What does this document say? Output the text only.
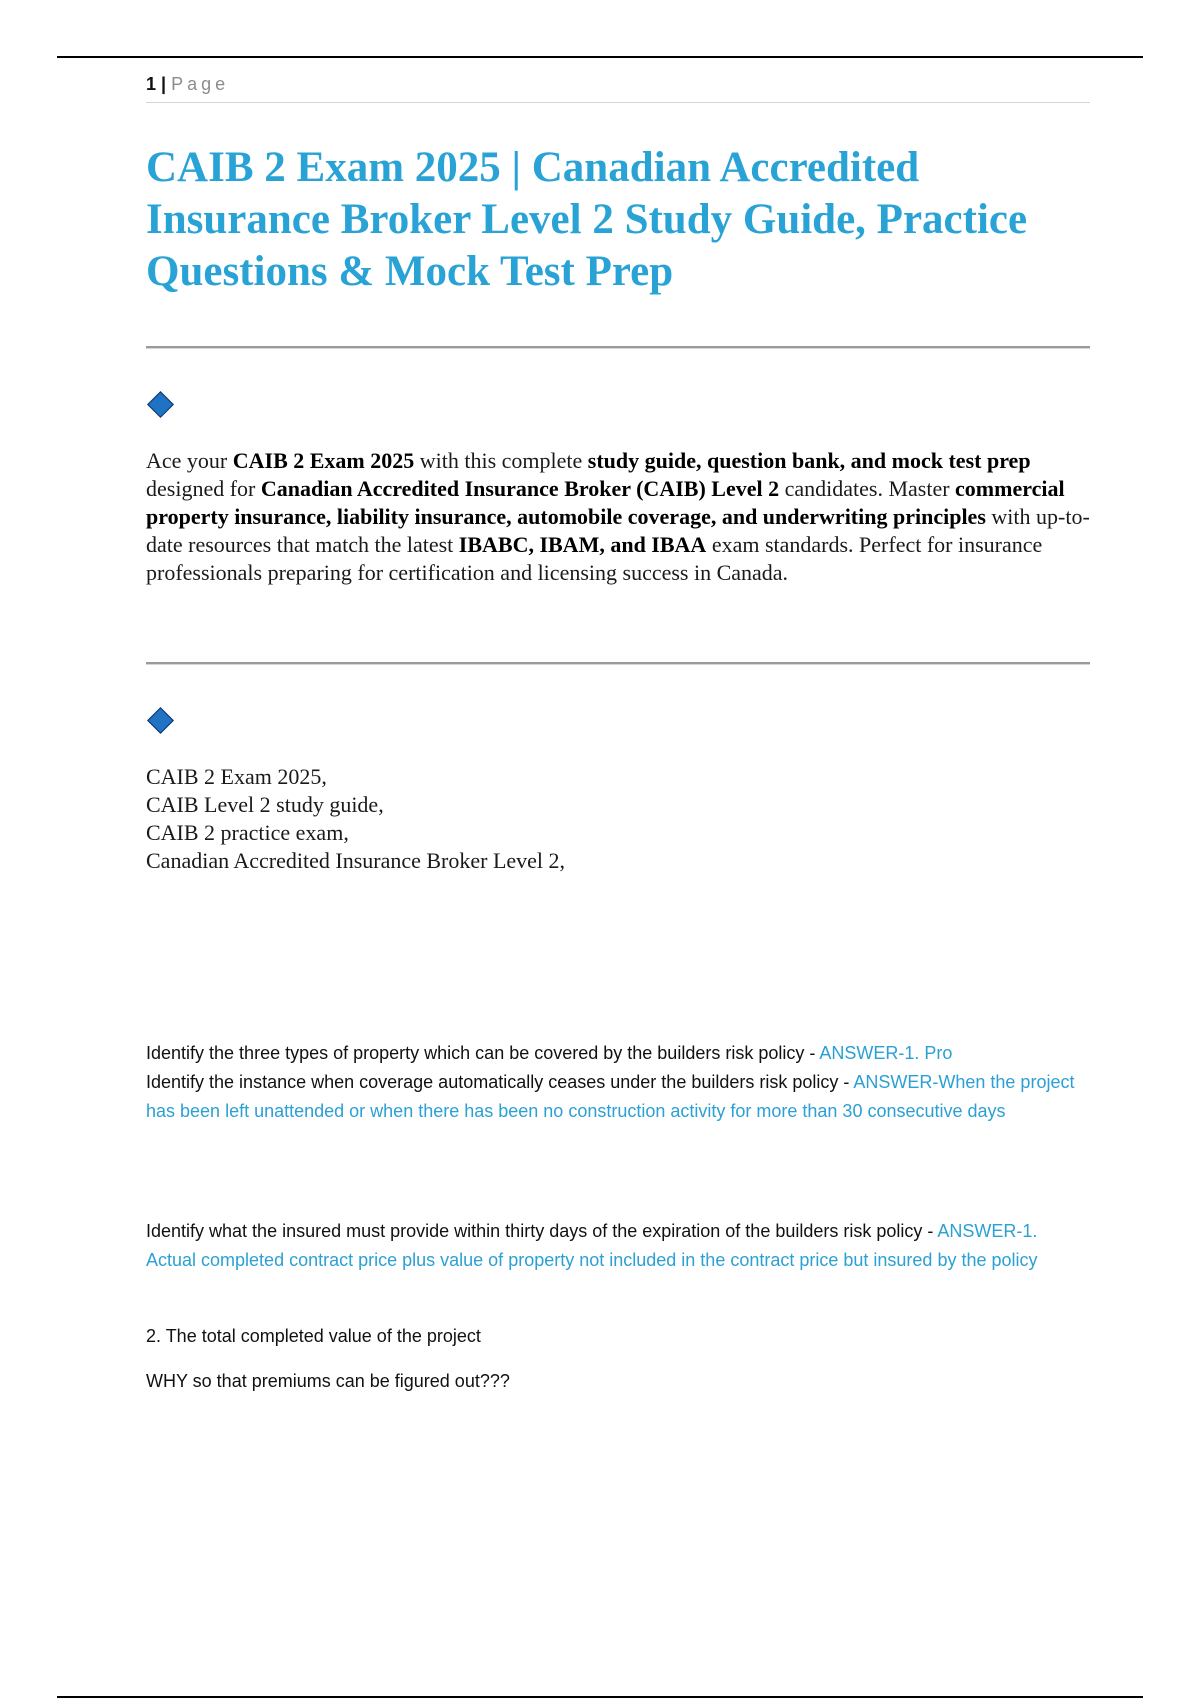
1 | Page
CAIB 2 Exam 2025 | Canadian Accredited Insurance Broker Level 2 Study Guide, Practice Questions & Mock Test Prep

Ace your CAIB 2 Exam 2025 with this complete study guide, question bank, and mock test prep designed for Canadian Accredited Insurance Broker (CAIB) Level 2 candidates. Master commercial property insurance, liability insurance, automobile coverage, and underwriting principles with up-to-date resources that match the latest IBABC, IBAM, and IBAA exam standards. Perfect for insurance professionals preparing for certification and licensing success in Canada.

CAIB 2 Exam 2025,
CAIB Level 2 study guide,
CAIB 2 practice exam,
Canadian Accredited Insurance Broker Level 2,

Identify the three types of property which can be covered by the builders risk policy - ANSWER-1. Pro

Identify the instance when coverage automatically ceases under the builders risk policy - ANSWER-When the project has been left unattended or when there has been no construction activity for more than 30 consecutive days

Identify what the insured must provide within thirty days of the expiration of the builders risk policy - ANSWER-1. Actual completed contract price plus value of property not included in the contract price but insured by the policy

2. The total completed value of the project

WHY so that premiums can be figured out???
